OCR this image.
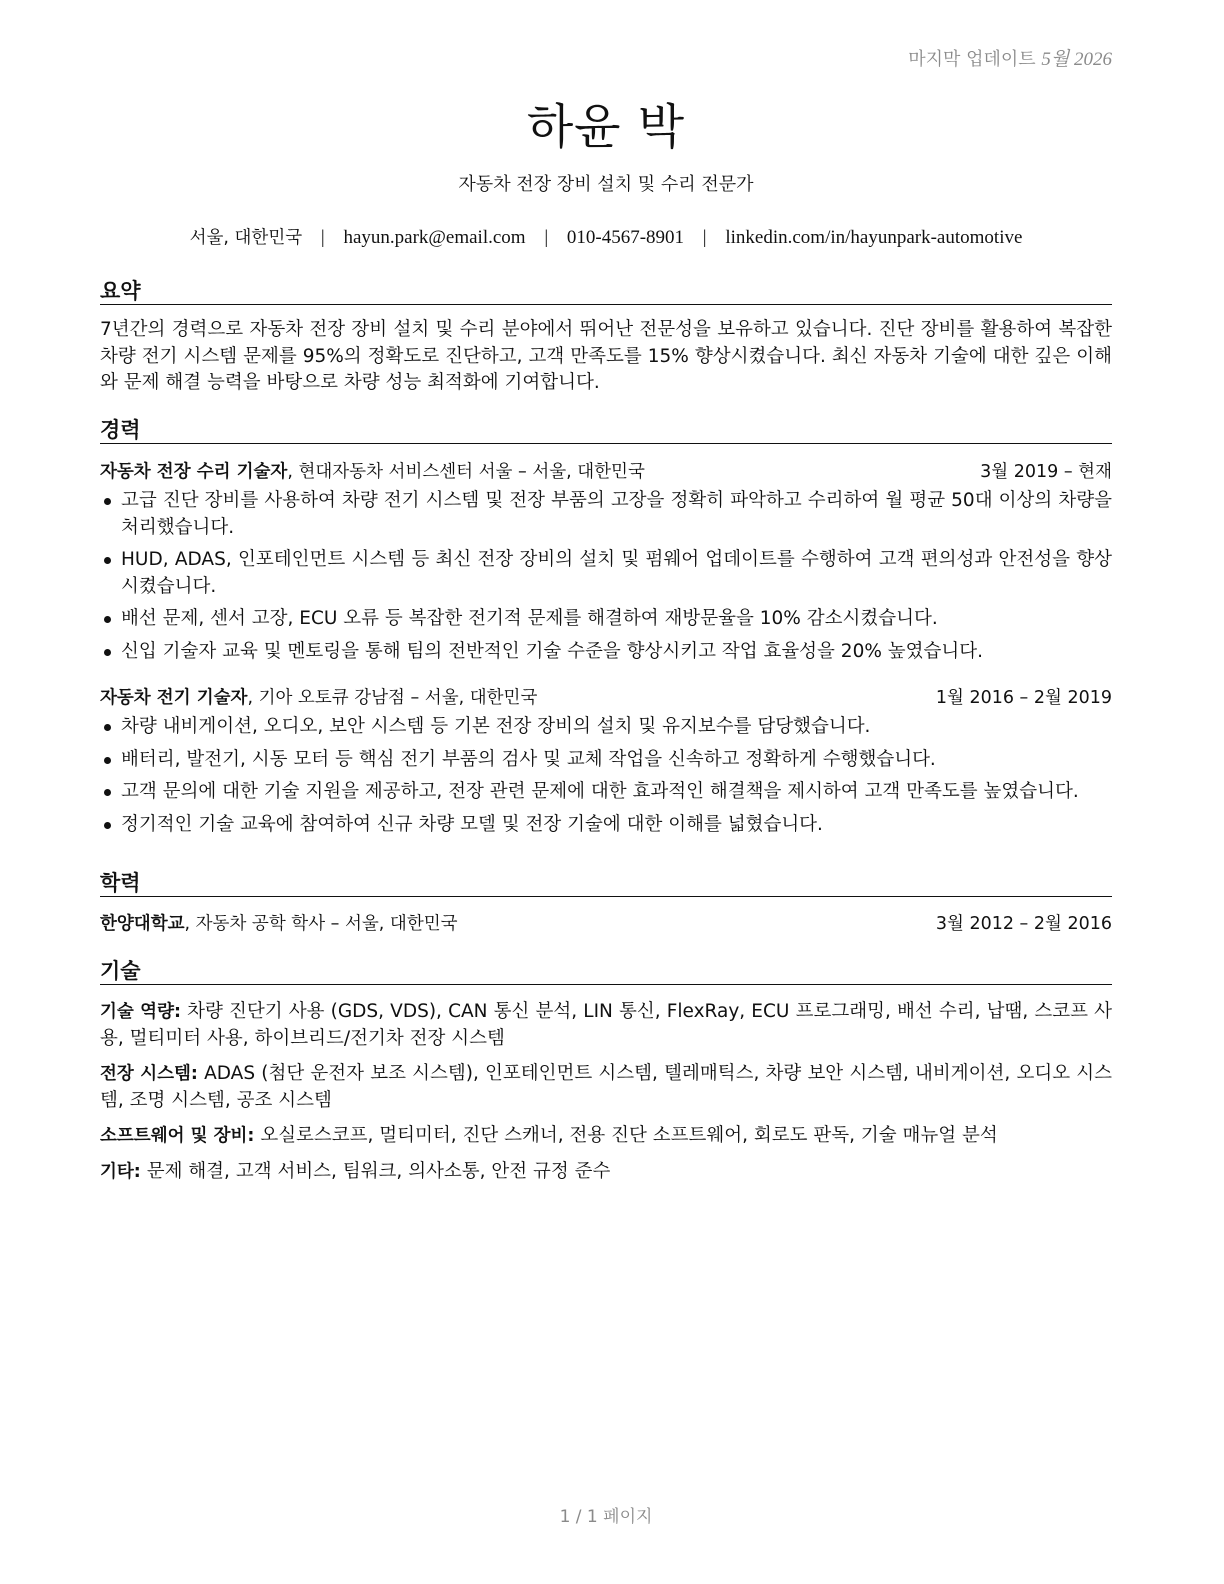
마지막 업데이트 5월 2026
하윤 박
자동차 전장 장비 설치 및 수리 전문가
서울, 대한민국 | hayun.park@email.com | 010-4567-8901 | linkedin.com/in/hayunpark-automotive
요약
7년간의 경력으로 자동차 전장 장비 설치 및 수리 분야에서 뛰어난 전문성을 보유하고 있습니다. 진단 장비를 활용하여 복잡한 차량 전기 시스템 문제를 95%의 정확도로 진단하고, 고객 만족도를 15% 향상시켰습니다. 최신 자동차 기술에 대한 깊은 이해와 문제 해결 능력을 바탕으로 차량 성능 최적화에 기여합니다.
경력
자동차 전장 수리 기술자, 현대자동차 서비스센터 서울 – 서울, 대한민국	3월 2019 – 현재
고급 진단 장비를 사용하여 차량 전기 시스템 및 전장 부품의 고장을 정확히 파악하고 수리하여 월 평균 50대 이상의 차량을 처리했습니다.
HUD, ADAS, 인포테인먼트 시스템 등 최신 전장 장비의 설치 및 펌웨어 업데이트를 수행하여 고객 편의성과 안전성을 향상시켰습니다.
배선 문제, 센서 고장, ECU 오류 등 복잡한 전기적 문제를 해결하여 재방문율을 10% 감소시켰습니다.
신입 기술자 교육 및 멘토링을 통해 팀의 전반적인 기술 수준을 향상시키고 작업 효율성을 20% 높였습니다.
자동차 전기 기술자, 기아 오토큐 강남점 – 서울, 대한민국	1월 2016 – 2월 2019
차량 내비게이션, 오디오, 보안 시스템 등 기본 전장 장비의 설치 및 유지보수를 담당했습니다.
배터리, 발전기, 시동 모터 등 핵심 전기 부품의 검사 및 교체 작업을 신속하고 정확하게 수행했습니다.
고객 문의에 대한 기술 지원을 제공하고, 전장 관련 문제에 대한 효과적인 해결책을 제시하여 고객 만족도를 높였습니다.
정기적인 기술 교육에 참여하여 신규 차량 모델 및 전장 기술에 대한 이해를 넓혔습니다.
학력
한양대학교, 자동차 공학 학사 – 서울, 대한민국	3월 2012 – 2월 2016
기술
기술 역량: 차량 진단기 사용 (GDS, VDS), CAN 통신 분석, LIN 통신, FlexRay, ECU 프로그래밍, 배선 수리, 납땜, 스코프 사용, 멀티미터 사용, 하이브리드/전기차 전장 시스템
전장 시스템: ADAS (첨단 운전자 보조 시스템), 인포테인먼트 시스템, 텔레매틱스, 차량 보안 시스템, 내비게이션, 오디오 시스템, 조명 시스템, 공조 시스템
소프트웨어 및 장비: 오실로스코프, 멀티미터, 진단 스캐너, 전용 진단 소프트웨어, 회로도 판독, 기술 매뉴얼 분석
기타: 문제 해결, 고객 서비스, 팀워크, 의사소통, 안전 규정 준수
1 / 1 페이지
